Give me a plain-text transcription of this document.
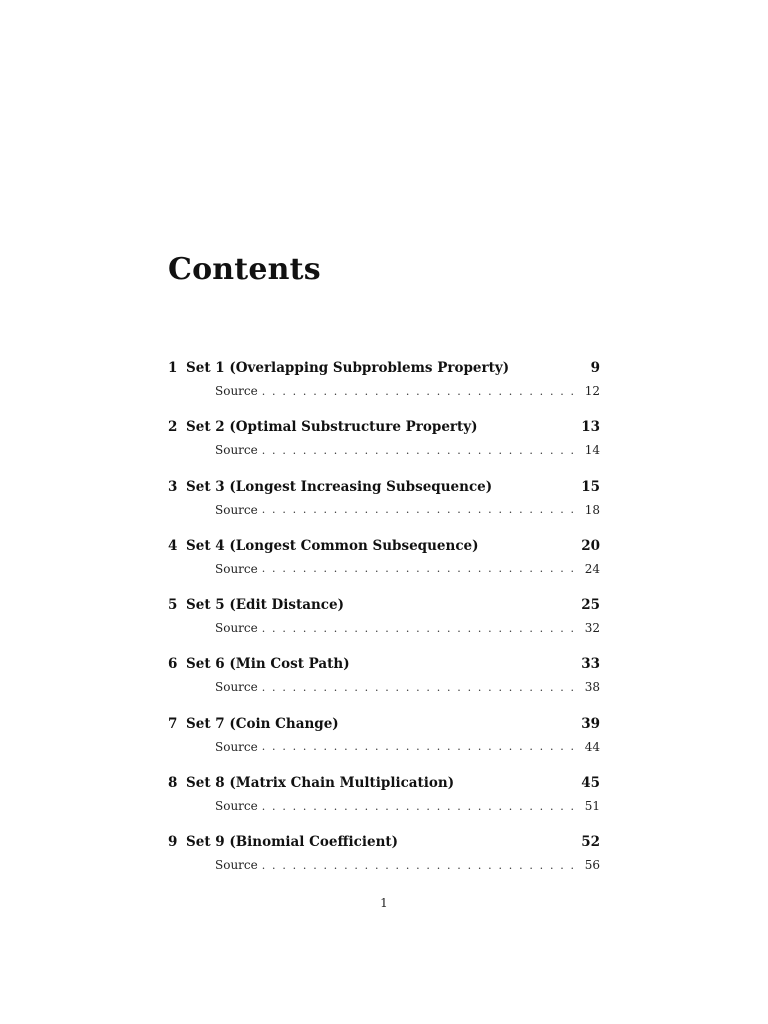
Contents
1 Set 1 (Overlapping Subproblems Property)	9
Source . . .	12
2 Set 2 (Optimal Substructure Property)	13
Source . . .	14
3 Set 3 (Longest Increasing Subsequence)	15
Source . . .	18
4 Set 4 (Longest Common Subsequence)	20
Source . . .	24
5 Set 5 (Edit Distance)	25
Source . . .	32
6 Set 6 (Min Cost Path)	33
Source . . .	38
7 Set 7 (Coin Change)	39
Source . . .	44
8 Set 8 (Matrix Chain Multiplication)	45
Source . . .	51
9 Set 9 (Binomial Coefficient)	52
Source . . .	56
1
